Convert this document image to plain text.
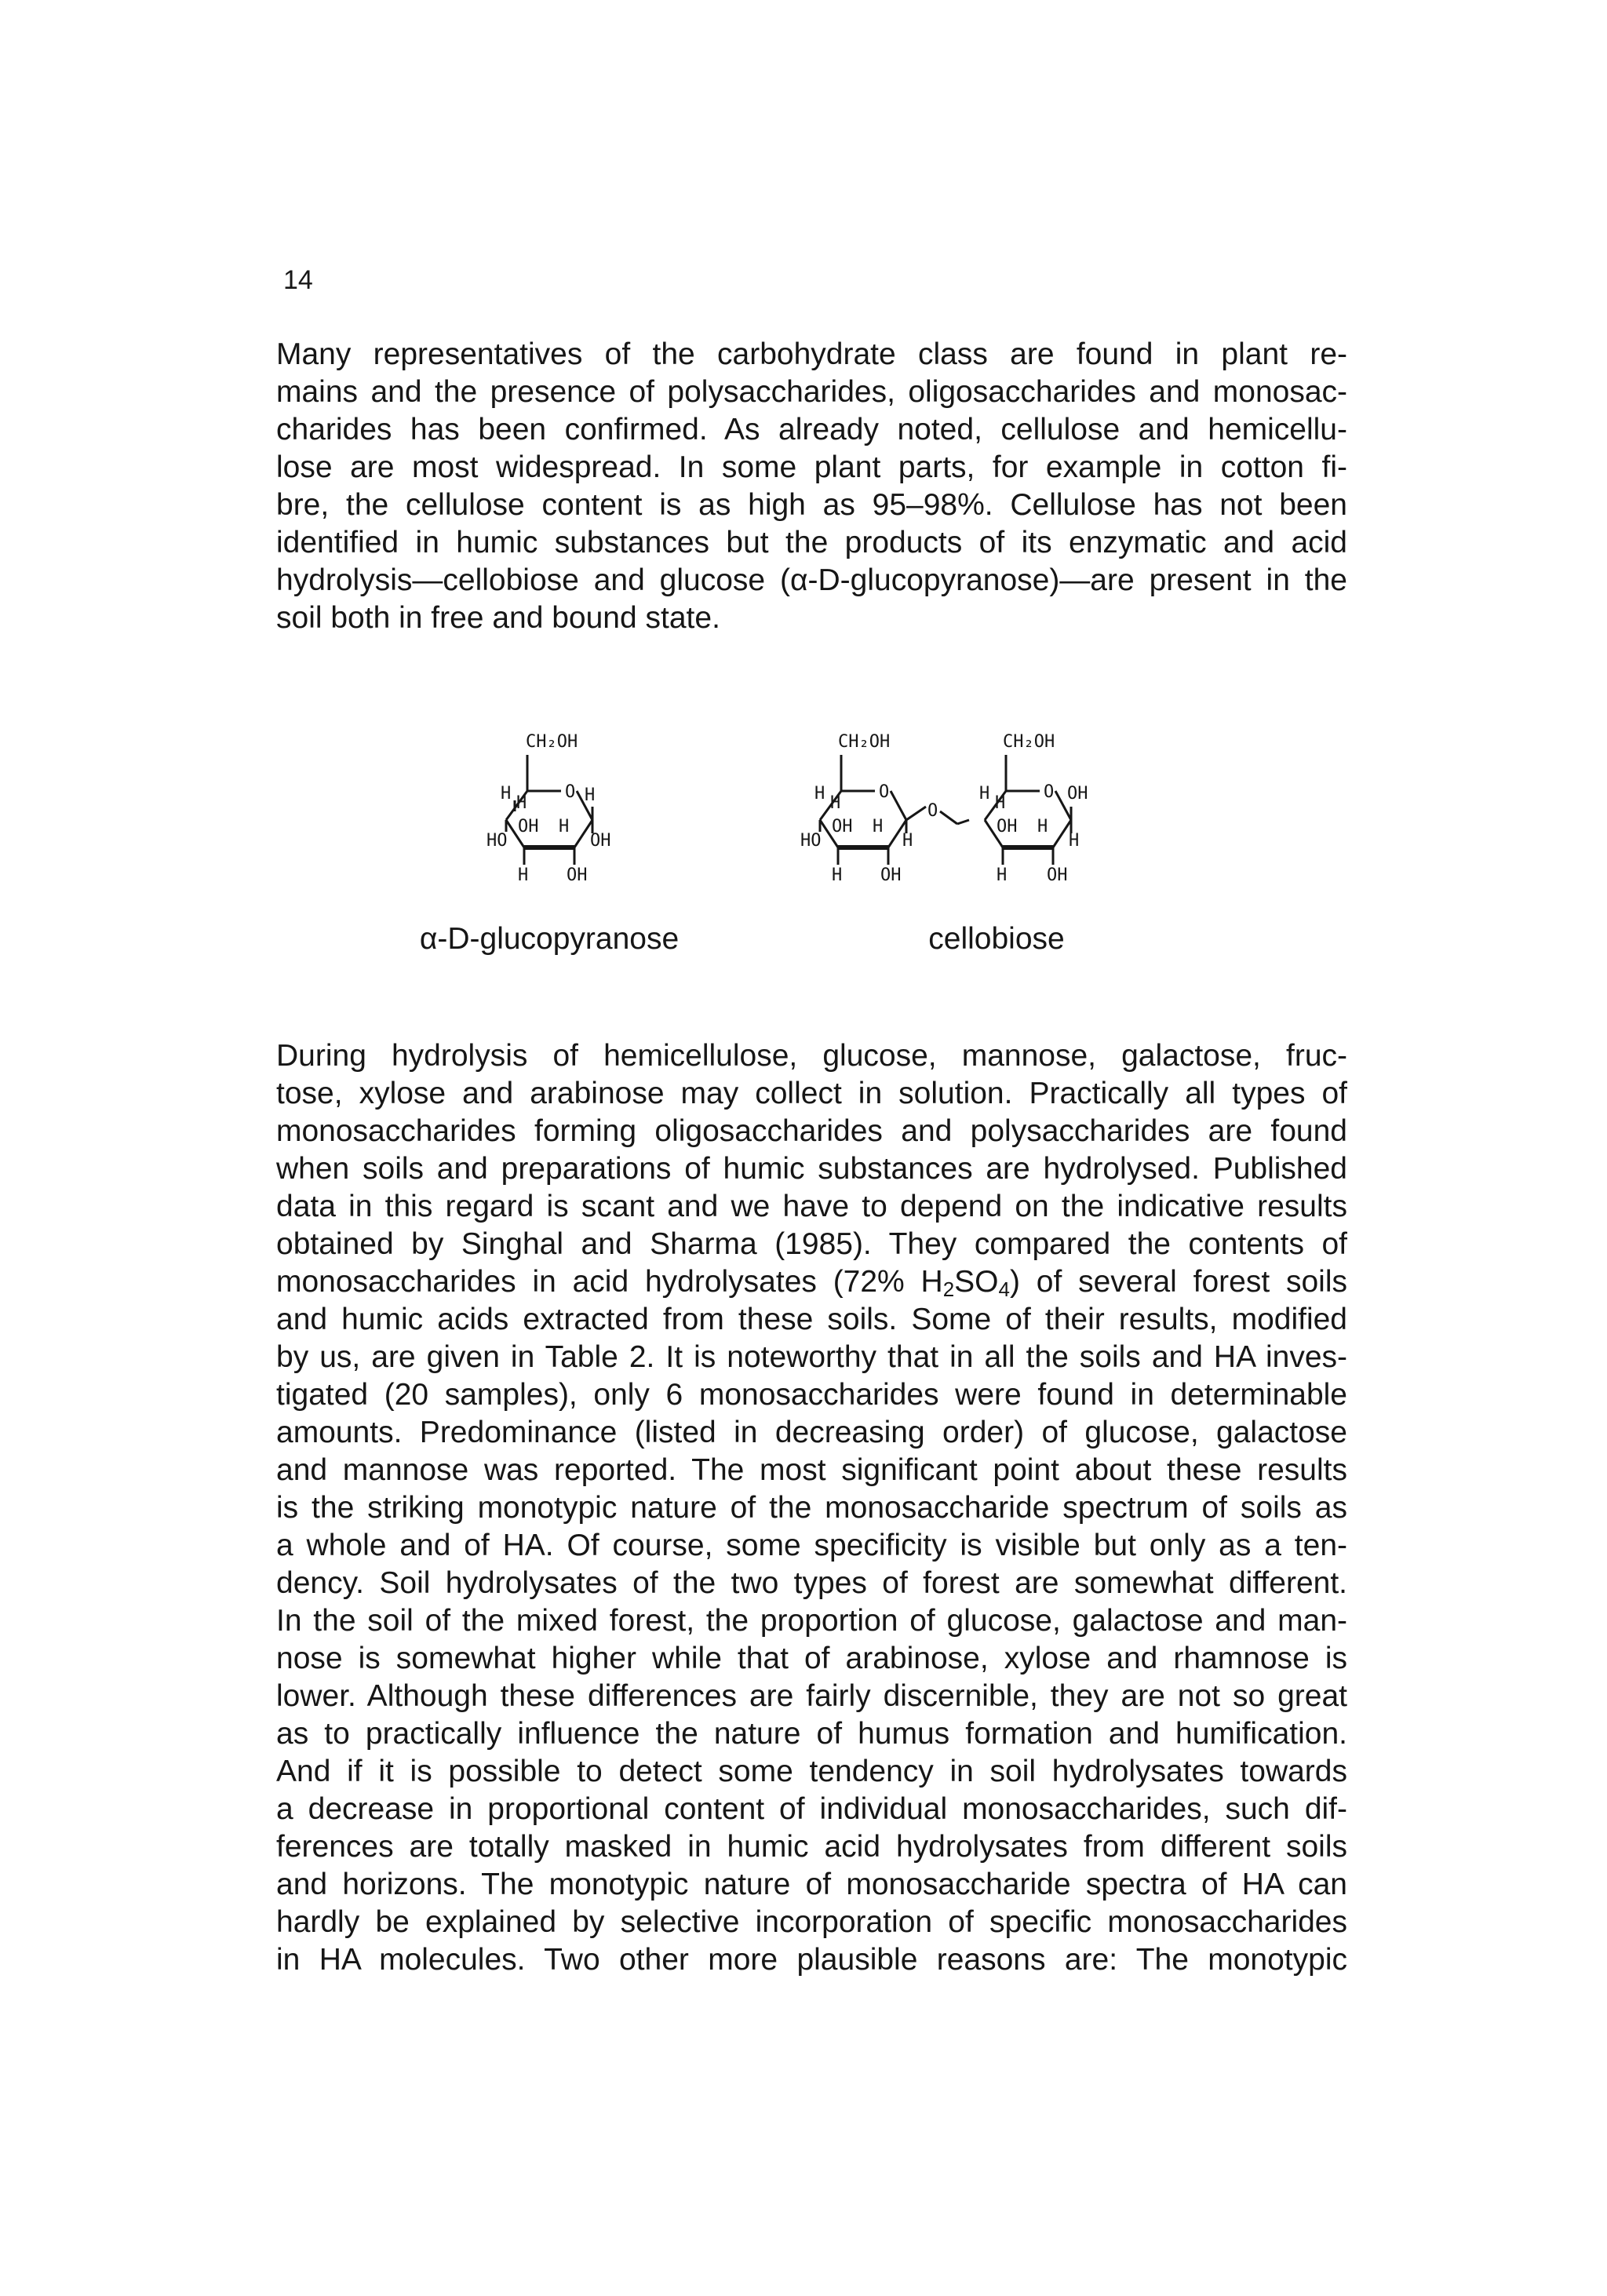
14

Many representatives of the carbohydrate class are found in plant re-
mains and the presence of polysaccharides, oligosaccharides and monosac-
charides has been confirmed. As already noted, cellulose and hemicellu-
lose are most widespread. In some plant parts, for example in cotton fi-
bre, the cellulose content is as high as 95–98%. Cellulose has not been
identified in humic substances but the products of its enzymatic and acid
hydrolysis—cellobiose and glucose (α-D-glucopyranose)—are present in the
soil both in free and bound state.

CH₂OH
H H
O H
OH H
HO	OH
H OH
CH₂OH	CH₂OH
H H
O
OH H
HO	H
H OH
O
H H
O OH
OH H
H
H OH
α-D-glucopyranose	cellobiose

During hydrolysis of hemicellulose, glucose, mannose, galactose, fruc-
tose, xylose and arabinose may collect in solution. Practically all types of
monosaccharides forming oligosaccharides and polysaccharides are found
when soils and preparations of humic substances are hydrolysed. Published
data in this regard is scant and we have to depend on the indicative results
obtained by Singhal and Sharma (1985). They compared the contents of
monosaccharides in acid hydrolysates (72% $H_2SO_4$) of several forest soils
and humic acids extracted from these soils. Some of their results, modified
by us, are given in Table 2. It is noteworthy that in all the soils and HA inves-
tigated (20 samples), only 6 monosaccharides were found in determinable
amounts. Predominance (listed in decreasing order) of glucose, galactose
and mannose was reported. The most significant point about these results
is the striking monotypic nature of the monosaccharide spectrum of soils as
a whole and of HA. Of course, some specificity is visible but only as a ten-
dency. Soil hydrolysates of the two types of forest are somewhat different.
In the soil of the mixed forest, the proportion of glucose, galactose and man-
nose is somewhat higher while that of arabinose, xylose and rhamnose is
lower. Although these differences are fairly discernible, they are not so great
as to practically influence the nature of humus formation and humification.
And if it is possible to detect some tendency in soil hydrolysates towards
a decrease in proportional content of individual monosaccharides, such dif-
ferences are totally masked in humic acid hydrolysates from different soils
and horizons. The monotypic nature of monosaccharide spectra of HA can
hardly be explained by selective incorporation of specific monosaccharides
in HA molecules. Two other more plausible reasons are: The monotypic
